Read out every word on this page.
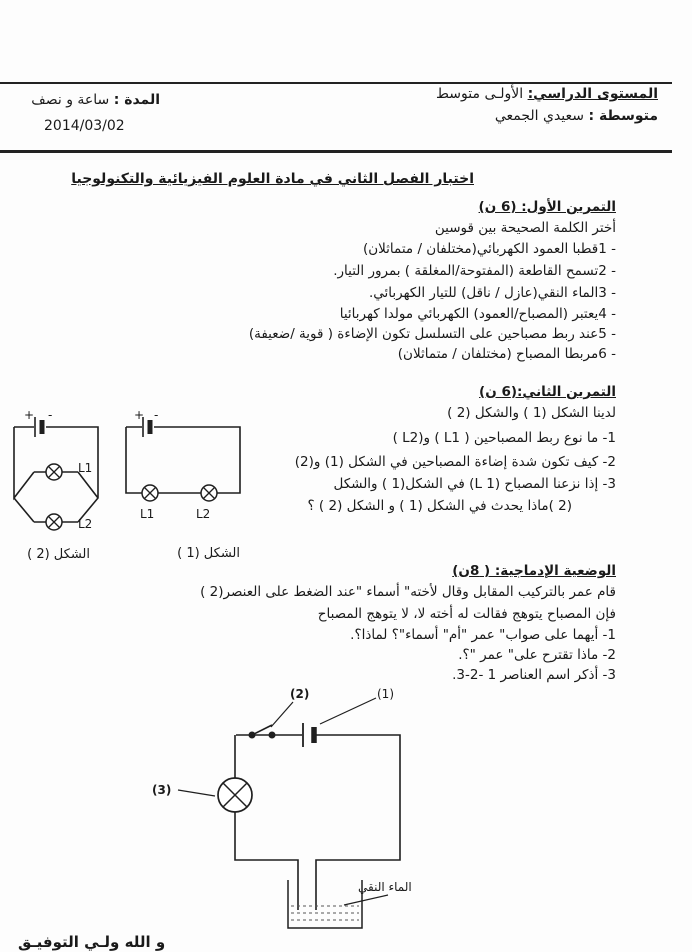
المستوى الدراسي: الأولـى متوسط
متوسطة : سعيدي الجمعي
المدة : ساعة و نصف
2014/03/02
اختبار الفصل الثاني في مادة العلوم الفيزيائية والتكنولوجيا
التمرين الأول: (6 ن)
أختر الكلمة الصحيحة بين قوسين
- 1قطبا العمود الكهربائي(مختلفان / متماثلان)
- 2تسمح القاطعة (المفتوحة/المغلقة ) بمرور التيار.
- 3الماء النقي(عازل / ناقل) للتيار الكهربائي.
- 4يعتبر (المصباح/العمود) الكهربائي مولدا كهربائيا
- 5عند ربط مصباحين على التسلسل تكون الإضاءة ( قوية /ضعيفة)
- 6مربطا المصباح (مختلفان / متماثلان)
التمرين الثاني:(6 ن)
لدينا الشكل (1 ) والشكل (2 )
1- ما نوع ربط المصباحين ( L1 ) و(L2 )
2- كيف تكون شدة إضاءة المصباحين في الشكل (1) و(2)
3- إذا نزعنا المصباح (L 1) في الشكل(1 ) والشكل
(2 )ماذا يحدث في الشكل (1 ) و الشكل (2 ) ؟
+ -
L1	L2
+ -
L1
L2
الشكل (1 )
الشكل (2 )
الوضعية الإدماجية: ( 8ن)
قام عمر بالتركيب المقابل وقال لأخته" أسماء "عند الضغط على العنصر(2 )
فإن المصباح يتوهج فقالت له أخته لا، لا يتوهج المصباح
1- أيهما على صواب" عمر "أم" أسماء"؟ لماذا؟.
2- ماذا تقترح على" عمر "؟.
3- أذكر اسم العناصر 1 -2-3.
(2)	(1)
(3)
الماء النقي
و الله ولـي التوفيـق
